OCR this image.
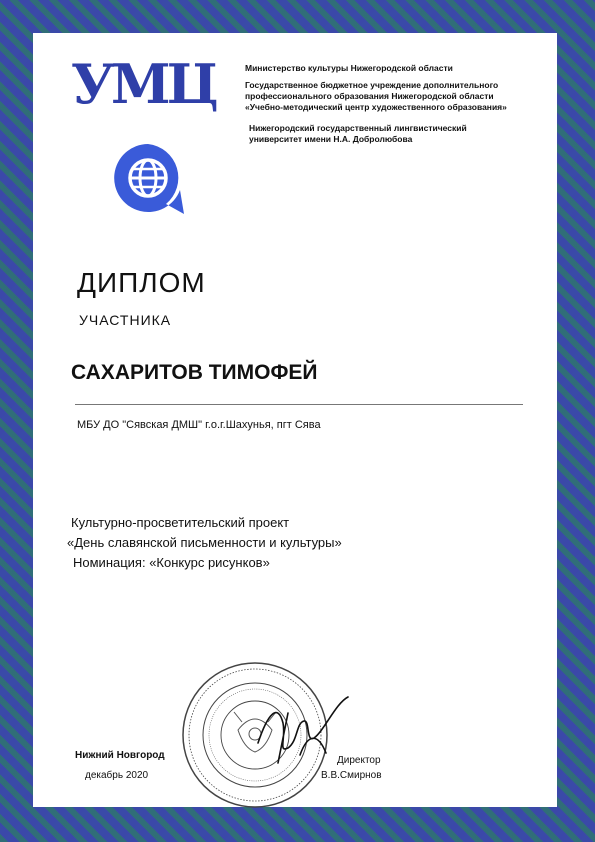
УМЦ	Министерство культуры Нижегородской области
Государственное бюджетное учреждение дополнительного
профессионального образования Нижегородской области
«Учебно-методический центр художественного образования»
Нижегородский государственный лингвистический
университет имени Н.А. Добролюбова
ДИПЛОМ
УЧАСТНИКА
САХАРИТОВ ТИМОФЕЙ
МБУ ДО "Сявская ДМШ" г.о.г.Шахунья, пгт Сява
Культурно-просветительский проект
«День славянской письменности и культуры»
Номинация: «Конкурс рисунков»
Нижний Новгород
декабрь 2020
Директор
В.В.Смирнов
